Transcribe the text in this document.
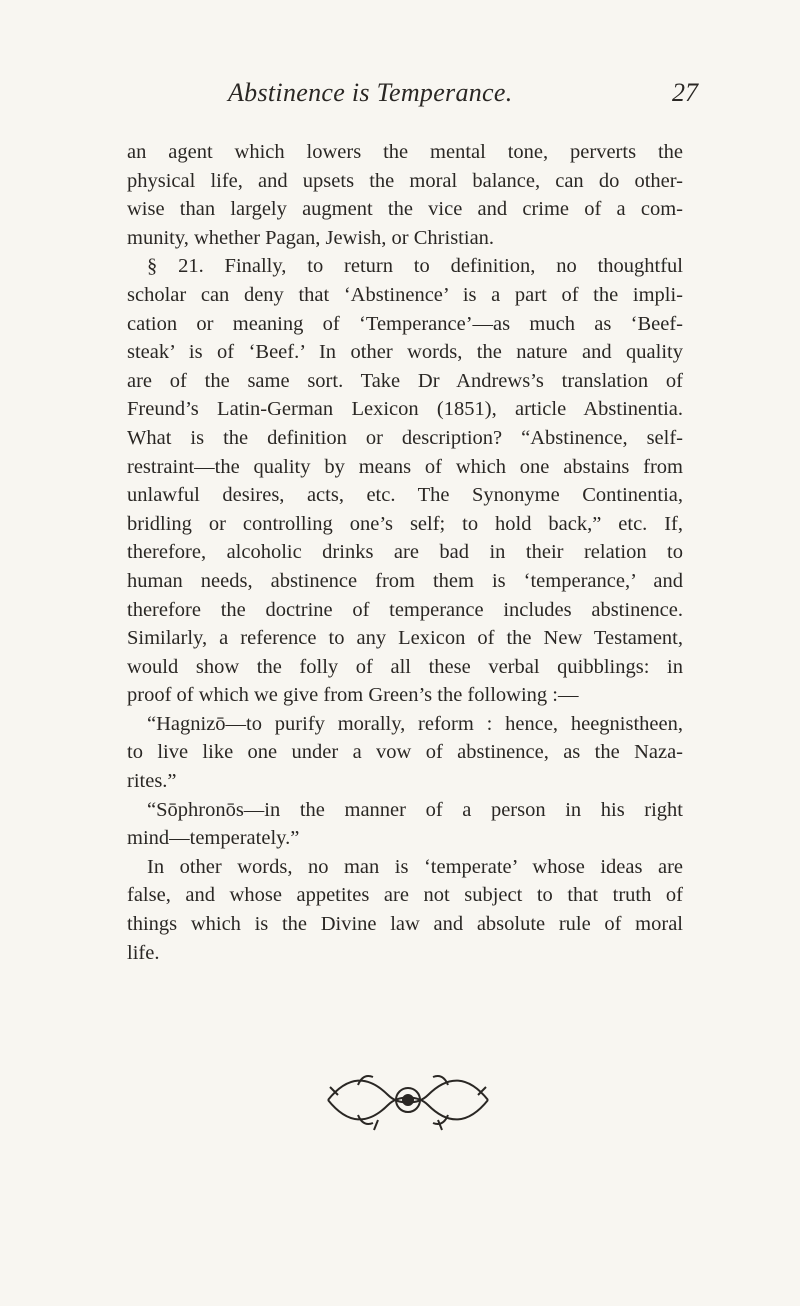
Abstinence is Temperance.	27
an agent which lowers the mental tone, perverts the
physical life, and upsets the moral balance, can do other-
wise than largely augment the vice and crime of a com-
munity, whether Pagan, Jewish, or Christian.
§ 21. Finally, to return to definition, no thoughtful
scholar can deny that ‘Abstinence’ is a part of the impli-
cation or meaning of ‘Temperance’—as much as ‘Beef-
steak’ is of ‘Beef.’ In other words, the nature and quality
are of the same sort. Take Dr Andrews’s translation of
Freund’s Latin-German Lexicon (1851), article Abstinentia.
What is the definition or description? “Abstinence, self-
restraint—the quality by means of which one abstains from
unlawful desires, acts, etc. The Synonyme Continentia,
bridling or controlling one’s self; to hold back,” etc. If,
therefore, alcoholic drinks are bad in their relation to
human needs, abstinence from them is ‘temperance,’ and
therefore the doctrine of temperance includes abstinence.
Similarly, a reference to any Lexicon of the New Testament,
would show the folly of all these verbal quibblings: in
proof of which we give from Green’s the following :—
“Hagnizō—to purify morally, reform : hence, heegnistheen,
to live like one under a vow of abstinence, as the Naza-
rites.”
“Sōphronōs—in the manner of a person in his right
mind—temperately.”
In other words, no man is ‘temperate’ whose ideas are
false, and whose appetites are not subject to that truth of
things which is the Divine law and absolute rule of moral
life.
